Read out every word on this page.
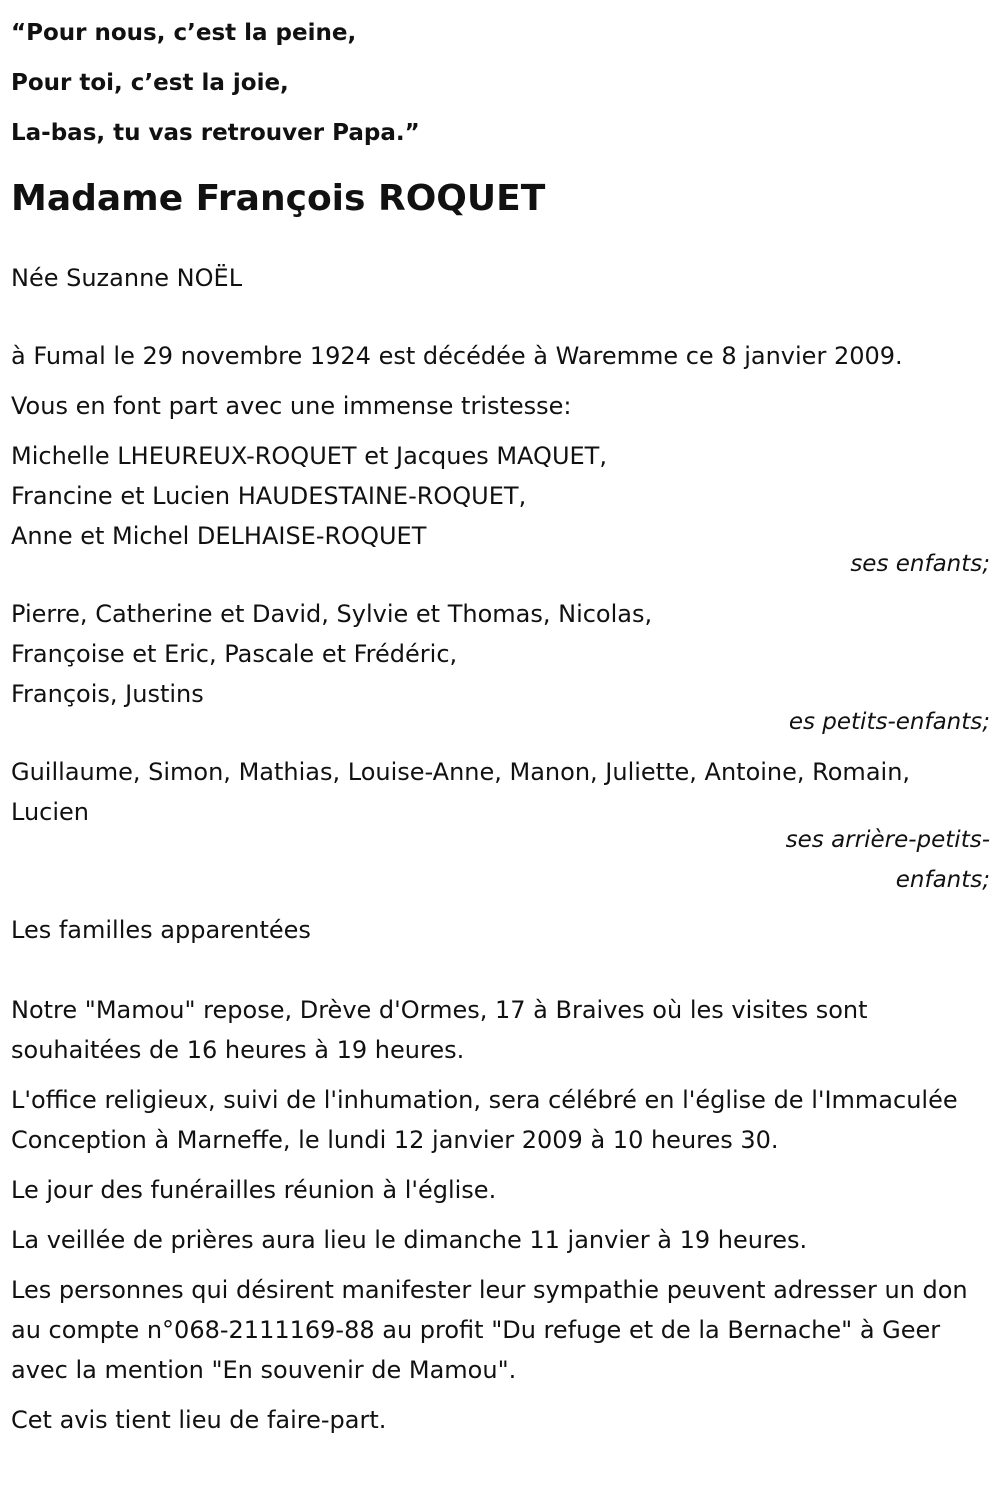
“Pour nous, c’est la peine,

Pour toi, c’est la joie,

La-bas, tu vas retrouver Papa.”

Madame François ROQUET

Née Suzanne NOËL

à Fumal le 29 novembre 1924 est décédée à Waremme ce 8 janvier 2009.

Vous en font part avec une immense tristesse:

Michelle LHEUREUX-ROQUET et Jacques MAQUET,

Francine et Lucien HAUDESTAINE-ROQUET,

Anne et Michel DELHAISE-ROQUET

ses enfants;

Pierre, Catherine et David, Sylvie et Thomas, Nicolas,

Françoise et Eric, Pascale et Frédéric,

François, Justins

es petits-enfants;

Guillaume, Simon, Mathias, Louise-Anne, Manon, Juliette, Antoine, Romain, Lucien

ses arrière-petits-enfants;

Les familles apparentées

Notre "Mamou" repose, Drève d'Ormes, 17 à Braives où les visites sont souhaitées de 16 heures à 19 heures.

L'office religieux, suivi de l'inhumation, sera célébré en l'église de l'Immaculée Conception à Marneffe, le lundi 12 janvier 2009 à 10 heures 30.

Le jour des funérailles réunion à l'église.

La veillée de prières aura lieu le dimanche 11 janvier à 19 heures.

Les personnes qui désirent manifester leur sympathie peuvent adresser un don au compte n°068-2111169-88 au profit "Du refuge et de la Bernache" à Geer avec la mention "En souvenir de Mamou".

Cet avis tient lieu de faire-part.
